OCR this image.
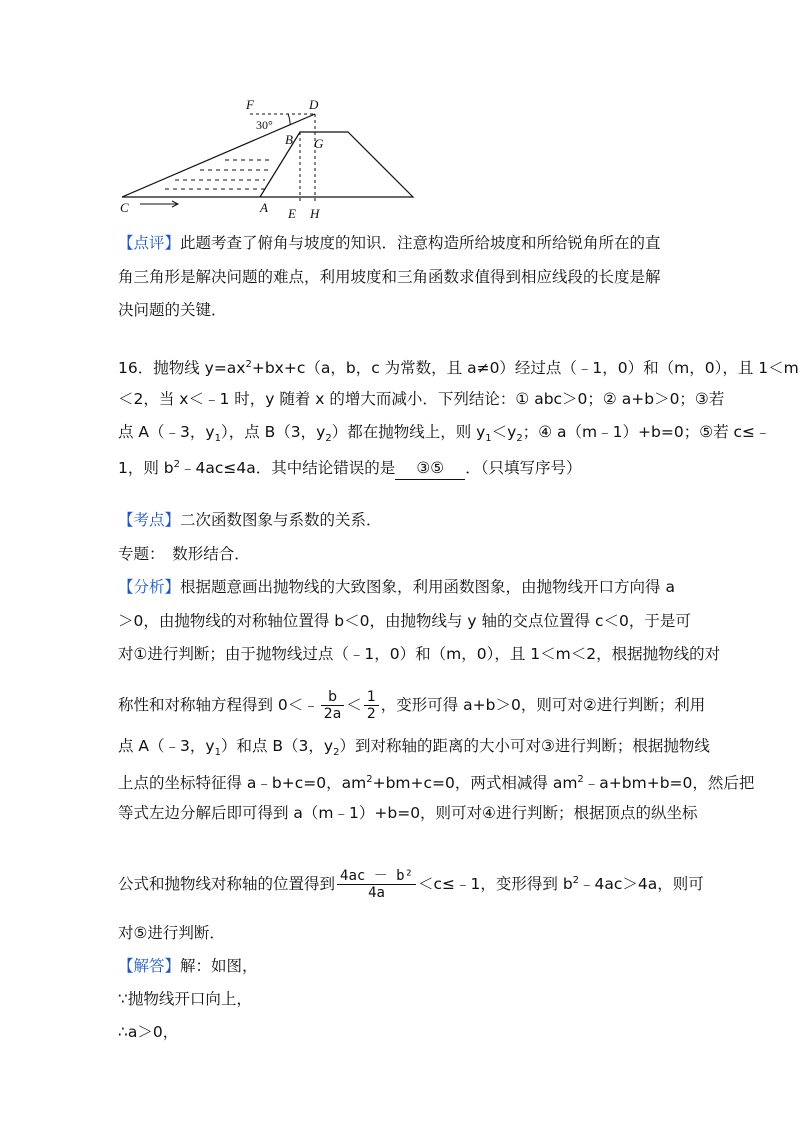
F	D
30°
B G
C	A E H
【点评】此题考查了俯角与坡度的知识．注意构造所给坡度和所给锐角所在的直
角三角形是解决问题的难点，利用坡度和三角函数求值得到相应线段的长度是解
决问题的关键．
16．抛物线 $y=ax^2+bx+c(a$，b，c 为常数，且 a≠0）经过点（﹣1，0）和（m，0），且 1＜m
＜2，当 x＜﹣1 时，y 随着 x 的增大而减小．下列结论：① abc＞0；② a+b＞0；③若
点 A（﹣3，$y_1$），点 B（3，$y_2$）都在抛物线上，则 $y_1<y_2$；④ a（m﹣1）+b=0；⑤若 c≤﹣
1，则 $b^2﹣4ac\le 4a$．其中结论错误的是 ③⑤ ．（只填写序号）
【考点】二次函数图象与系数的关系．
专题：　数形结合．
【分析】根据题意画出抛物线的大致图象，利用函数图象，由抛物线开口方向得 a
＞0，由抛物线的对称轴位置得 b＜0，由抛物线与 y 轴的交点位置得 c＜0，于是可
对①进行判断；由于抛物线过点（﹣1，0）和（m，0），且 1＜m＜2，根据抛物线的对
称性和对称轴方程得到 0＜﹣ $\frac{b}{2a} < \frac{1}{2}$ ，变形可得 a+b＞0，则可对②进行判断；利用
点 A（﹣3，$y_1$）和点 B（3，$y_2$）到对称轴的距离的大小可对③进行判断；根据抛物线
上点的坐标特征得 a﹣b+c=0，$am^2+bm+c=0$，两式相减得 $am^2﹣a+bm+b=0$，然后把
等式左边分解后即可得到 a（m﹣1）+b=0，则可对④进行判断；根据顶点的纵坐标
公式和抛物线对称轴的位置得到 $\frac{\text{4ac － b²}}{4a}$ ＜c≤﹣1，变形得到 $b^2﹣4ac>4a$，则可
对⑤进行判断．
【解答】解：如图，
∵抛物线开口向上，
∴a＞0，
